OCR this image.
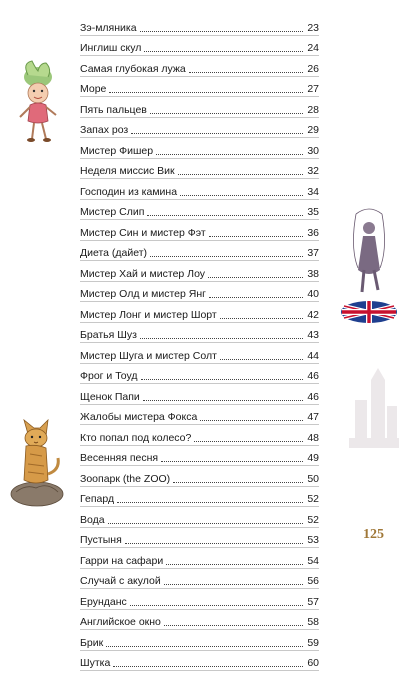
Зэ-мляника	23
Инглиш скул	24
Самая глубокая лужа	26
Море	27
Пять пальцев	28
Запах роз	29
Мистер Фишер	30
Неделя миссис Вик	32
Господин из камина	34
Мистер Слип	35
Мистер Син и мистер Фэт	36
Диета (дайет)	37
Мистер Хай и мистер Лоу	38
Мистер Олд и мистер Янг	40
Мистер Лонг и мистер Шорт	42
Братья Шуз	43
Мистер Шуга и мистер Солт	44
Фрог и Тоуд	46
Щенок Папи	46
Жалобы мистера Фокса	47
Кто попал под колесо?	48
Весенняя песня	49
Зоопарк (the ZOO)	50
Гепард	52
Вода	52
Пустыня	53
Гарри на сафари	54
Случай с акулой	56
Ерунданс	57
Английское окно	58
Брик	59
Шутка	60
125
